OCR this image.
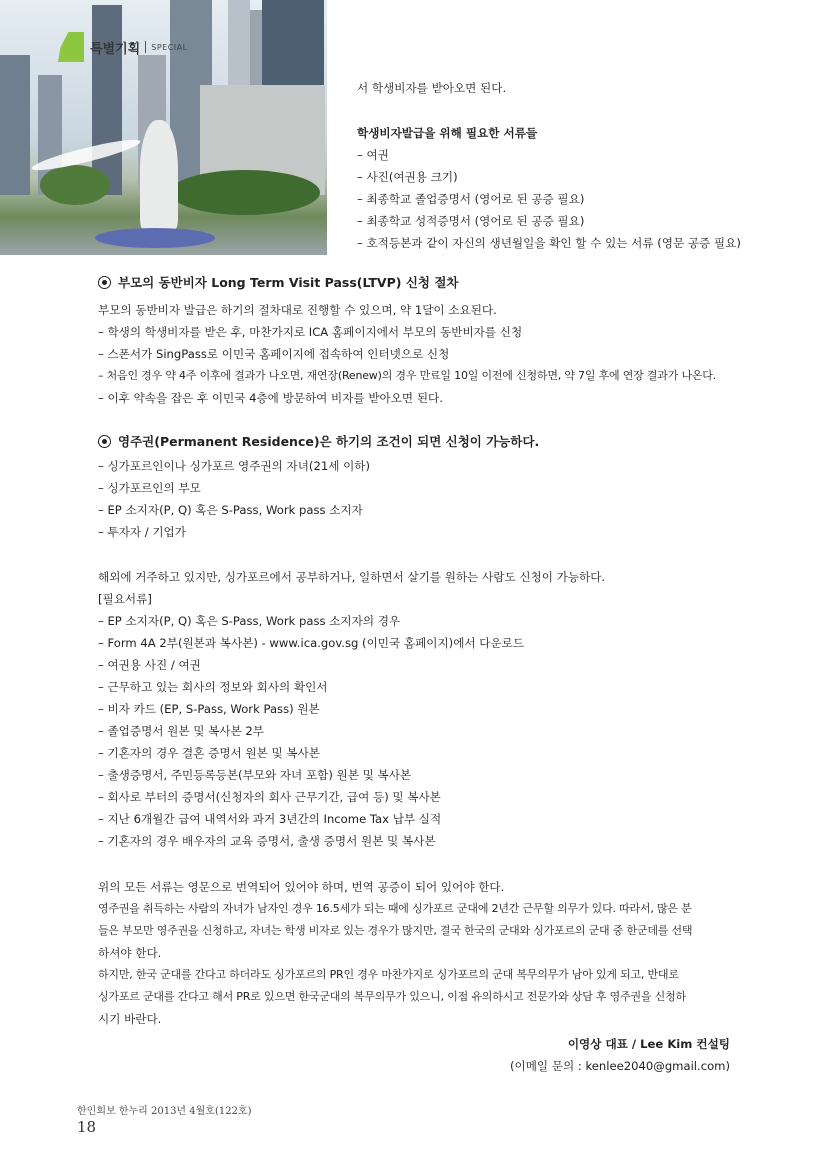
특별기획 SPECIAL
서 학생비자를 받아오면 된다.
학생비자발급을 위해 필요한 서류들
– 여권
– 사진(여권용 크기)
– 최종학교 졸업증명서 (영어로 된 공증 필요)
– 최종학교 성적증명서 (영어로 된 공증 필요)
– 호적등본과 같이 자신의 생년월일을 확인 할 수 있는 서류 (영문 공증 필요)
부모의 동반비자 Long Term Visit Pass(LTVP) 신청 절차
부모의 동반비자 발급은 하기의 절차대로 진행할 수 있으며, 약 1달이 소요된다.
– 학생의 학생비자를 받은 후, 마찬가지로 ICA 홈페이지에서 부모의 동반비자를 신청
– 스폰서가 SingPass로 이민국 홈페이지에 접속하여 인터넷으로 신청
– 처음인 경우 약 4주 이후에 결과가 나오면, 재연장(Renew)의 경우 만료일 10일 이전에 신청하면, 약 7일 후에 연장 결과가 나온다.
– 이후 약속을 잡은 후 이민국 4층에 방문하여 비자를 받아오면 된다.
영주권(Permanent Residence)은 하기의 조건이 되면 신청이 가능하다.
– 싱가포르인이나 싱가포르 영주권의 자녀(21세 이하)
– 싱가포르인의 부모
– EP 소지자(P, Q) 혹은 S-Pass, Work pass 소지자
– 투자자 / 기업가
해외에 거주하고 있지만, 싱가포르에서 공부하거나, 일하면서 살기를 원하는 사람도 신청이 가능하다.
[필요서류]
– EP 소지자(P, Q) 혹은 S-Pass, Work pass 소지자의 경우
– Form 4A 2부(원본과 복사본) - www.ica.gov.sg (이민국 홈페이지)에서 다운로드
– 여권용 사진 / 여권
– 근무하고 있는 회사의 정보와 회사의 확인서
– 비자 카드 (EP, S-Pass, Work Pass) 원본
– 졸업증명서 원본 및 복사본 2부
– 기혼자의 경우 결혼 증명서 원본 및 복사본
– 출생증명서, 주민등록등본(부모와 자녀 포함) 원본 및 복사본
– 회사로 부터의 증명서(신청자의 회사 근무기간, 급여 등) 및 복사본
– 지난 6개월간 급여 내역서와 과거 3년간의 Income Tax 납부 실적
– 기혼자의 경우 배우자의 교육 증명서, 출생 증명서 원본 및 복사본
위의 모든 서류는 영문으로 번역되어 있어야 하며, 번역 공증이 되어 있어야 한다.
영주권을 취득하는 사람의 자녀가 남자인 경우 16.5세가 되는 때에 싱가포르 군대에 2년간 근무할 의무가 있다. 따라서, 많은 분
들은 부모만 영주권을 신청하고, 자녀는 학생 비자로 있는 경우가 많지만, 결국 한국의 군대와 싱가포르의 군대 중 한군데를 선택
하셔야 한다.
하지만, 한국 군대를 간다고 하더라도 싱가포르의 PR인 경우 마찬가지로 싱가포르의 군대 복무의무가 남아 있게 되고, 반대로
싱가포르 군대를 간다고 해서 PR로 있으면 한국군대의 복무의무가 있으니, 이점 유의하시고 전문가와 상담 후 영주권을 신청하
시기 바란다.
이영상 대표 / Lee Kim 컨설팅
(이메일 문의 : kenlee2040@gmail.com)
한인회보 한누리 2013년 4월호(122호)
18
